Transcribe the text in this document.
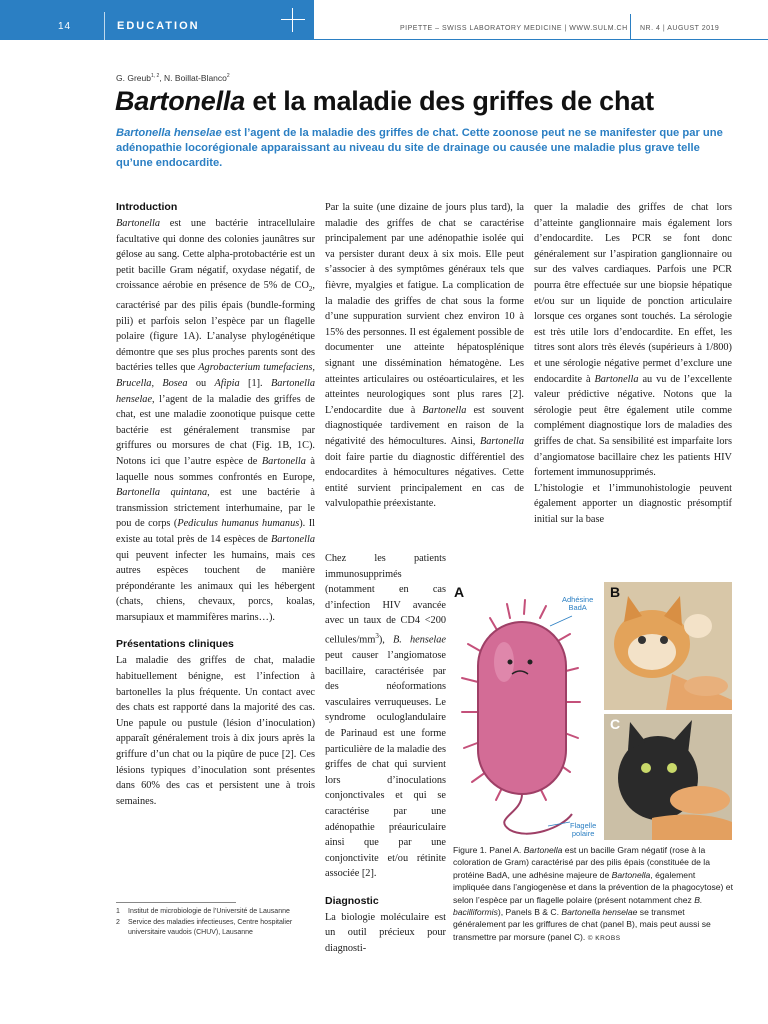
14	EDUCATION	PIPETTE – SWISS LABORATORY MEDICINE | WWW.SULM.CH NR. 4 | AUGUST 2019
G. Greub$^{1, 2}$, N. Boillat-Blanco$^2$
Bartonella et la maladie des griffes de chat

Bartonella henselae est l’agent de la maladie des griffes de chat. Cette zoonose peut ne se manifester que par une adénopathie locorégionale apparaissant au niveau du site de drainage ou causée une maladie plus grave telle qu’une endocardite.

Introduction

Bartonella est une bactérie intracellulaire facultative qui donne des colonies jaunâtres sur gélose au sang. Cette alpha-protobactérie est un petit bacille Gram négatif, oxydase négatif, de croissance aérobie en présence de 5% de $CO_2$, caractérisé par des pilis épais (bundle-forming pili) et parfois selon l’espèce par un flagelle polaire (figure 1A). L’analyse phylogénétique démontre que ses plus proches parents sont des bactéries telles que Agrobacterium tumefaciens, Brucella, Bosea ou Afipia [1]. Bartonella henselae, l’agent de la maladie des griffes de chat, est une maladie zoonotique puisque cette bactérie est généralement transmise par griffures ou morsures de chat (Fig. 1B, 1C). Notons ici que l’autre espèce de Bartonella à laquelle nous sommes confrontés en Europe, Bartonella quintana, est une bactérie à transmission strictement interhumaine, par le pou de corps (Pediculus humanus humanus). Il existe au total près de 14 espèces de Bartonella qui peuvent infecter les humains, mais ces autres espèces touchent de manière prépondérante les animaux qui les hébergent (chats, chiens, chevaux, porcs, koalas, marsupiaux et mammifères marins…).

Présentations cliniques

La maladie des griffes de chat, maladie habituellement bénigne, est l’infection à bartonelles la plus fréquente. Un contact avec des chats est rapporté dans la majorité des cas. Une papule ou pustule (lésion d’inoculation) apparaît généralement trois à dix jours après la griffure d’un chat ou la piqûre de puce [2]. Ces lésions typiques d’inoculation sont présentes dans 60% des cas et persistent une à trois semaines.

Par la suite (une dizaine de jours plus tard), la maladie des griffes de chat se caractérise principalement par une adénopathie isolée qui va persister durant deux à six mois. Elle peut s’associer à des symptômes généraux tels que fièvre, myalgies et fatigue. La complication de la maladie des griffes de chat sous la forme d’une suppuration survient chez environ 10 à 15% des personnes. Il est également possible de documenter une atteinte hépatosplénique signant une dissémination hématogène. Les atteintes articulaires ou ostéoarticulaires, et les atteintes neurologiques sont plus rares [2]. L’endocardite due à Bartonella est souvent diagnostiquée tardivement en raison de la négativité des hémocultures. Ainsi, Bartonella doit faire partie du diagnostic différentiel des endocardites à hémocultures négatives. Cette entité survient principalement en cas de valvulopathie préexistante.

Chez les patients immunosupprimés (notamment en cas d’infection HIV avancée avec un taux de CD4 <200 cellules/$mm^3$), B. henselae peut causer l’angiomatose bacillaire, caractérisée par des néoformations vasculaires verruqueuses. Le syndrome oculoglandulaire de Parinaud est une forme particulière de la maladie des griffes de chat qui survient lors d’inoculations conjonctivales et qui se caractérise par une adénopathie préauriculaire ainsi que par une conjonctivite et/ou rétinite associée [2].

Diagnostic

La biologie moléculaire est un outil précieux pour diagnosti-

quer la maladie des griffes de chat lors d’atteinte ganglionnaire mais également lors d’endocardite. Les PCR se font donc généralement sur l’aspiration ganglionnaire ou sur des valves cardiaques. Parfois une PCR pourra être effectuée sur une biopsie hépatique et/ou sur un liquide de ponction articulaire lorsque ces organes sont touchés. La sérologie est très utile lors d’endocardite. En effet, les titres sont alors très élevés (supérieurs à 1/800) et une sérologie négative permet d’exclure une endocardite à Bartonella au vu de l’excellente valeur prédictive négative. Notons que la sérologie peut être également utile comme complément diagnostique lors de maladies des griffes de chat. Sa sensibilité est imparfaite lors d’angiomatose bacillaire chez les patients HIV fortement immunosupprimés.

L’histologie et l’immunohistologie peuvent également apporter un diagnostic présomptif initial sur la base

A	B
C
Adhésine
BadA
Flagelle
polaire

Figure 1. Panel A. Bartonella est un bacille Gram négatif (rose à la coloration de Gram) caractérisé par des pilis épais (constituée de la protéine BadA, une adhésine majeure de Bartonella, également impliquée dans l’angiogenèse et dans la prévention de la phagocytose) et selon l’espèce par un flagelle polaire (présent notamment chez B. bacilliformis), Panels B & C. Bartonella henselae se transmet généralement par les griffures de chat (panel B), mais peut aussi se transmettre par morsure (panel C). © KROBS

1	Institut de microbiologie de l’Université de Lausanne
2	Service des maladies infectieuses, Centre hospitalier universitaire vaudois (CHUV), Lausanne
